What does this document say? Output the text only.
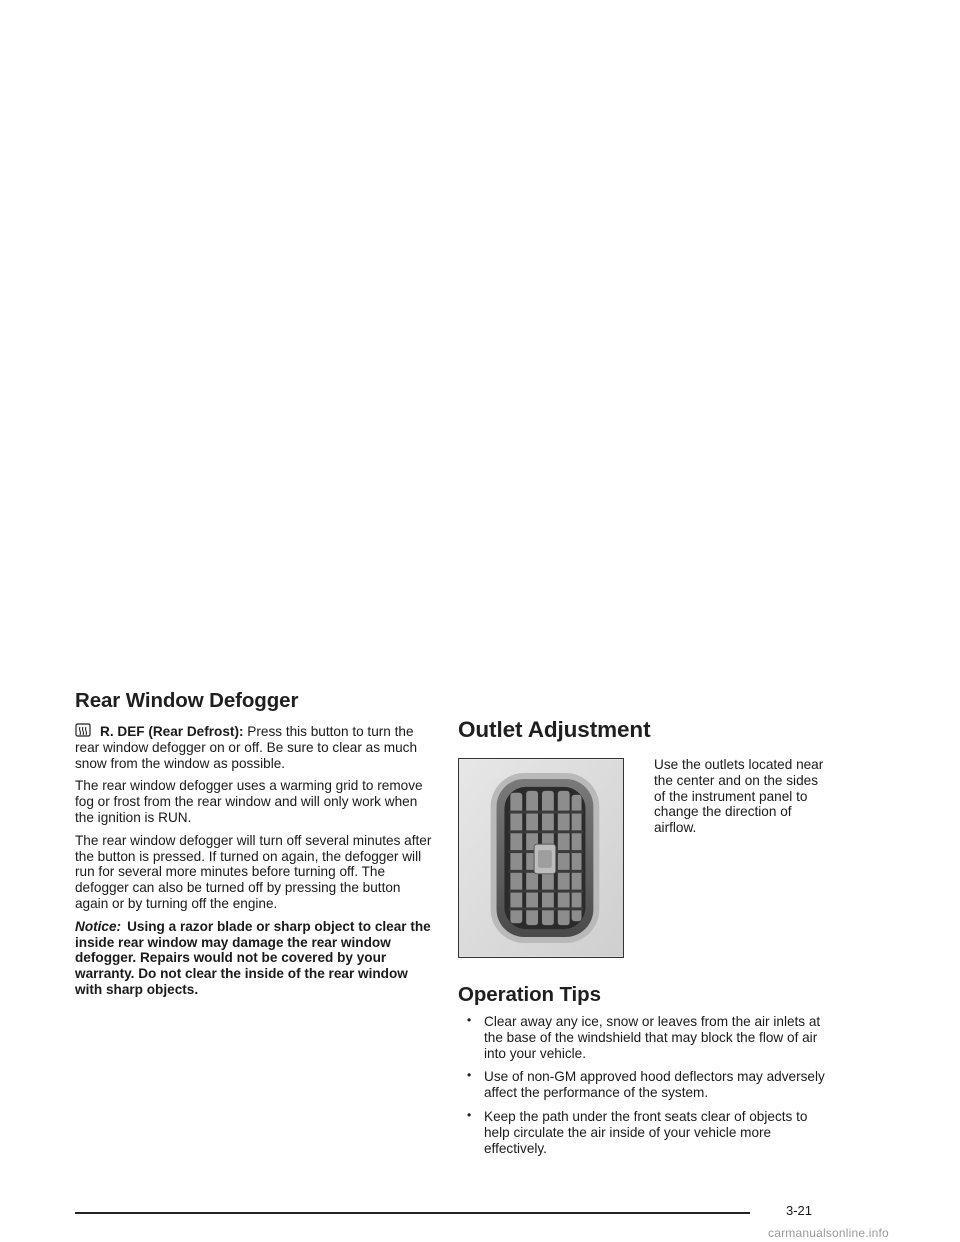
Rear Window Defogger

R. DEF (Rear Defrost): Press this button to turn the rear window defogger on or off. Be sure to clear as much snow from the window as possible.

The rear window defogger uses a warming grid to remove fog or frost from the rear window and will only work when the ignition is RUN.

The rear window defogger will turn off several minutes after the button is pressed. If turned on again, the defogger will run for several more minutes before turning off. The defogger can also be turned off by pressing the button again or by turning off the engine.

Notice: Using a razor blade or sharp object to clear the inside rear window may damage the rear window defogger. Repairs would not be covered by your warranty. Do not clear the inside of the rear window with sharp objects.

Outlet Adjustment
Use the outlets located near the center and on the sides of the instrument panel to change the direction of airflow.
Operation Tips
• Clear away any ice, snow or leaves from the air inlets at the base of the windshield that may block the flow of air into your vehicle.
• Use of non-GM approved hood deflectors may adversely affect the performance of the system.
• Keep the path under the front seats clear of objects to help circulate the air inside of your vehicle more effectively.
3-21
carmanualsonline.info
